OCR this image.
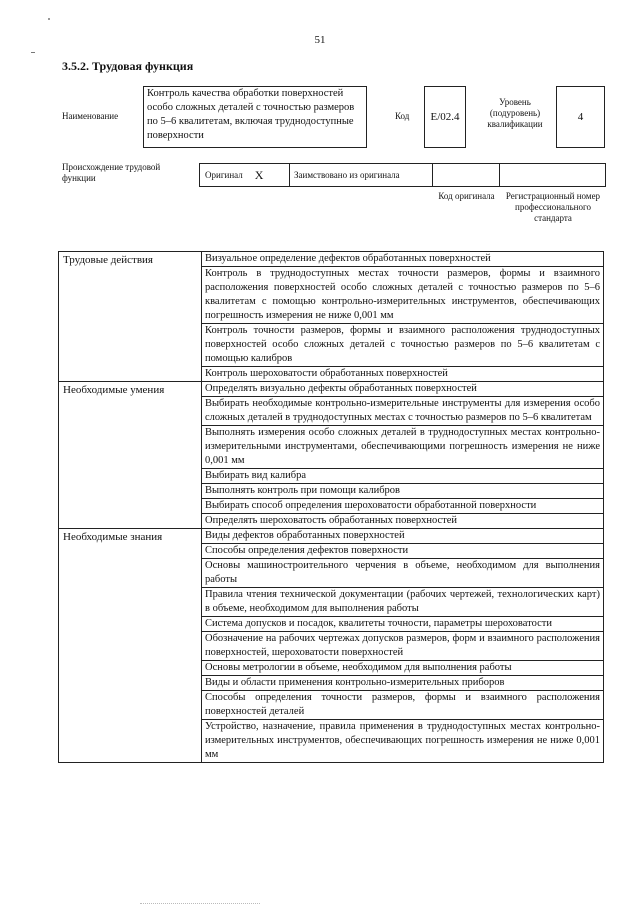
51
3.5.2. Трудовая функция
Наименование
Контроль качества обработки поверхностей особо сложных деталей с точностью размеров по 5–6 квалитетам, включая труднодоступные поверхности
Код E/02.4
Уровень (подуровень) квалификации
4
Происхождение трудовой функции	Оригинал X	Заимствовано из оригинала
Код оригинала	Регистрационный номер профессионального стандарта
Трудовые действия	Визуальное определение дефектов обработанных поверхностей
Контроль в труднодоступных местах точности размеров, формы и взаимного расположения поверхностей особо сложных деталей с точностью размеров по 5–6 квалитетам с помощью контрольно-измерительных инструментов, обеспечивающих погрешность измерения не ниже 0,001 мм
Контроль точности размеров, формы и взаимного расположения труднодоступных поверхностей особо сложных деталей с точностью размеров по 5–6 квалитетам с помощью калибров
Контроль шероховатости обработанных поверхностей
Необходимые умения	Определять визуально дефекты обработанных поверхностей
Выбирать необходимые контрольно-измерительные инструменты для измерения особо сложных деталей в труднодоступных местах с точностью размеров по 5–6 квалитетам
Выполнять измерения особо сложных деталей в труднодоступных местах контрольно-измерительными инструментами, обеспечивающими погрешность измерения не ниже 0,001 мм
Выбирать вид калибра
Выполнять контроль при помощи калибров
Выбирать способ определения шероховатости обработанной поверхности
Определять шероховатость обработанных поверхностей
Необходимые знания	Виды дефектов обработанных поверхностей
Способы определения дефектов поверхности
Основы машиностроительного черчения в объеме, необходимом для выполнения работы
Правила чтения технической документации (рабочих чертежей, технологических карт) в объеме, необходимом для выполнения работы
Система допусков и посадок, квалитеты точности, параметры шероховатости
Обозначение на рабочих чертежах допусков размеров, форм и взаимного расположения поверхностей, шероховатости поверхностей
Основы метрологии в объеме, необходимом для выполнения работы
Виды и области применения контрольно-измерительных приборов
Способы определения точности размеров, формы и взаимного расположения поверхностей деталей
Устройство, назначение, правила применения в труднодоступных местах контрольно-измерительных инструментов, обеспечивающих погрешность измерения не ниже 0,001 мм
